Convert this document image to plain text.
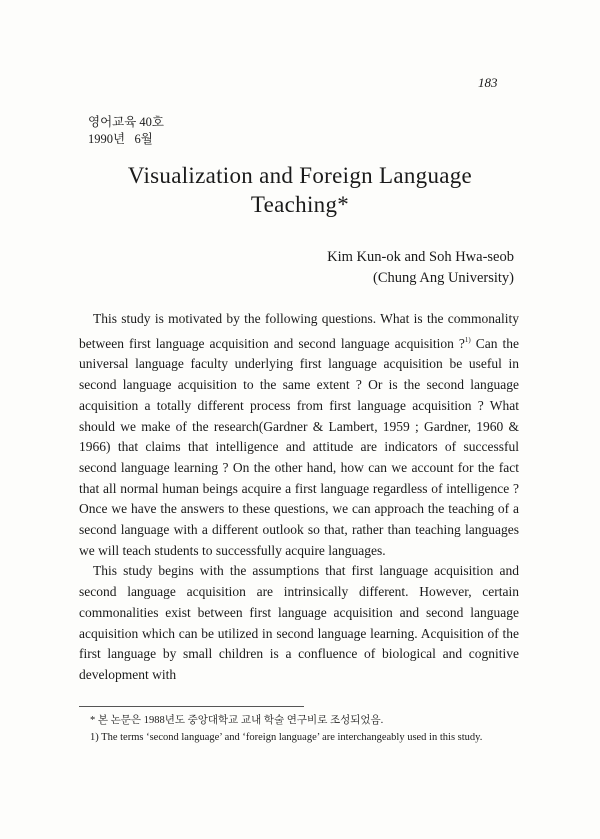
183
영어교육 40호
1990년   6월
Visualization and Foreign Language
Teaching*
Kim Kun-ok and Soh Hwa-seob
(Chung Ang University)

This study is motivated by the following questions. What is the commonality between first language acquisition and second language acquisition ?$^{1)}$ Can the universal language faculty underlying first language acquisition be useful in second language acquisition to the same extent ? Or is the second language acquisition a totally different process from first language acquisition ? What should we make of the research(Gardner & Lambert, 1959 ; Gardner, 1960 & 1966) that claims that intelligence and attitude are indicators of successful second language learning ? On the other hand, how can we account for the fact that all normal human beings acquire a first language regardless of intelligence ? Once we have the answers to these questions, we can approach the teaching of a second language with a different outlook so that, rather than teaching languages we will teach students to successfully acquire languages.

This study begins with the assumptions that first language acquisition and second language acquisition are intrinsically different. However, certain commonalities exist between first language acquisition and second language acquisition which can be utilized in second language learning. Acquisition of the first language by small children is a confluence of biological and cognitive development with

* 본 논문은 1988년도 중앙대학교 교내 학술 연구비로 조성되었음.
1) The terms ‘second language’ and ‘foreign language’ are interchangeably used in this study.
